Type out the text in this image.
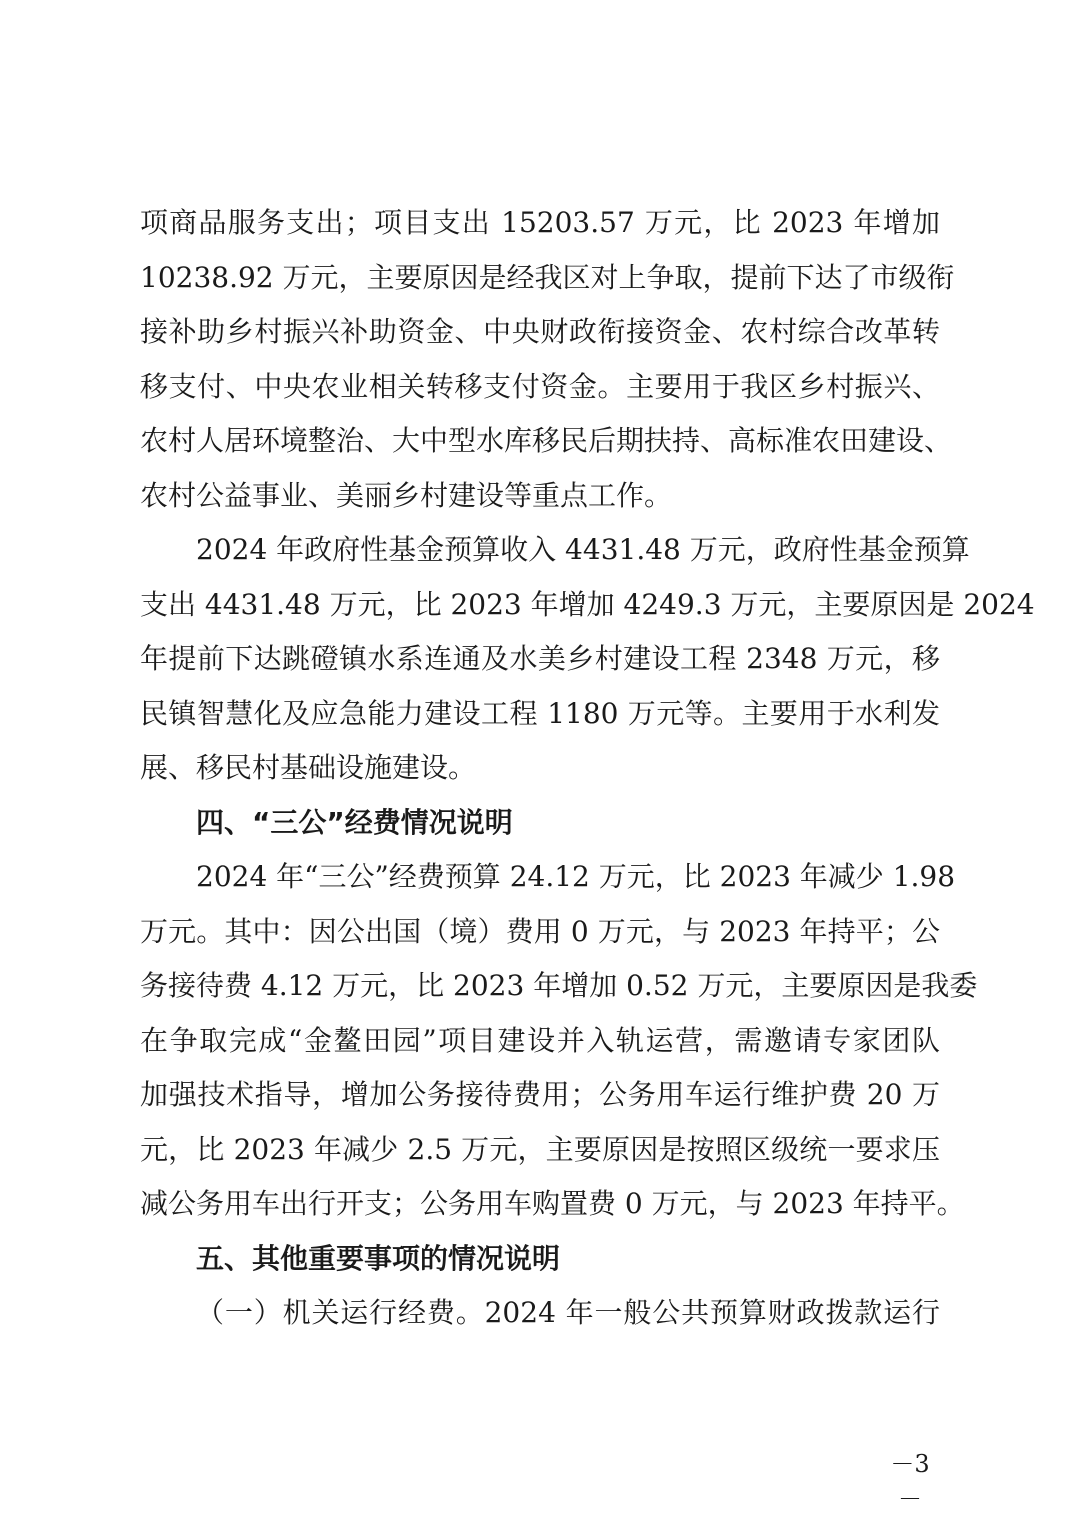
项商品服务支出；项目支出 15203.57 万元，比 2023 年增加
10238.92 万元，主要原因是经我区对上争取，提前下达了市级衔
接补助乡村振兴补助资金、中央财政衔接资金、农村综合改革转
移支付、中央农业相关转移支付资金。主要用于我区乡村振兴、
农村人居环境整治、大中型水库移民后期扶持、高标准农田建设、
农村公益事业、美丽乡村建设等重点工作。
2024 年政府性基金预算收入 4431.48 万元，政府性基金预算
支出 4431.48 万元，比 2023 年增加 4249.3 万元，主要原因是 2024
年提前下达跳磴镇水系连通及水美乡村建设工程 2348 万元，移
民镇智慧化及应急能力建设工程 1180 万元等。主要用于水利发
展、移民村基础设施建设。
四、“三公”经费情况说明
2024 年“三公”经费预算 24.12 万元，比 2023 年减少 1.98
万元。其中：因公出国（境）费用 0 万元，与 2023 年持平；公
务接待费 4.12 万元，比 2023 年增加 0.52 万元，主要原因是我委
在争取完成“金鳌田园”项目建设并入轨运营，需邀请专家团队
加强技术指导，增加公务接待费用；公务用车运行维护费 20 万
元，比 2023 年减少 2.5 万元，主要原因是按照区级统一要求压
减公务用车出行开支；公务用车购置费 0 万元，与 2023 年持平。
五、其他重要事项的情况说明
（一）机关运行经费。2024 年一般公共预算财政拨款运行
－3－
